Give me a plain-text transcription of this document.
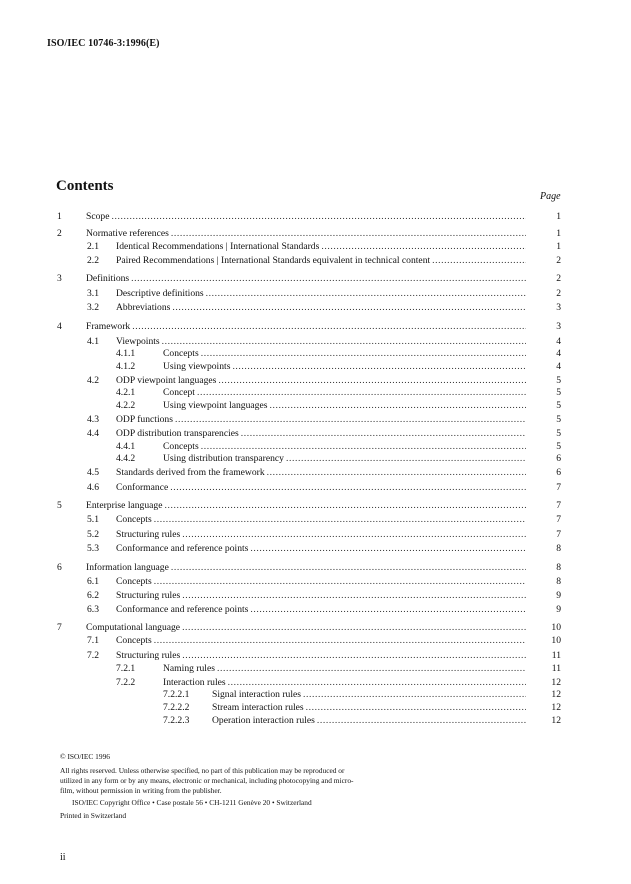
ISO/IEC 10746-3:1996(E)
Contents
Page
1	Scope .....	1
2	Normative references .....	1
2.1 Identical Recommendations | International Standards .....	1
2.2 Paired Recommendations | International Standards equivalent in technical content .....	2
3	Definitions .....	2
3.1 Descriptive definitions .....	2
3.2 Abbreviations .....	3
4	Framework .....	3
4.1 Viewpoints .....	4
4.1.1	Concepts .....	4
4.1.2	Using viewpoints .....	4
4.2 ODP viewpoint languages .....	5
4.2.1	Concept .....	5
4.2.2	Using viewpoint languages .....	5
4.3 ODP functions .....	5
4.4 ODP distribution transparencies .....	5
4.4.1	Concepts .....	5
4.4.2	Using distribution transparency .....	6
4.5 Standards derived from the framework .....	6
4.6 Conformance .....	7
5	Enterprise language .....	7
5.1 Concepts .....	7
5.2 Structuring rules .....	7
5.3 Conformance and reference points .....	8
6	Information language .....	8
6.1 Concepts .....	8
6.2 Structuring rules .....	9
6.3 Conformance and reference points .....	9
7	Computational language .....	10
7.1 Concepts .....	10
7.2 Structuring rules .....	11
7.2.1	Naming rules .....	11
7.2.2	Interaction rules .....	12
7.2.2.1 Signal interaction rules .....	12
7.2.2.2 Stream interaction rules .....	12
7.2.2.3 Operation interaction rules .....	12
© ISO/IEC 1996
All rights reserved. Unless otherwise specified, no part of this publication may be reproduced or
utilized in any form or by any means, electronic or mechanical, including photocopying and micro-
film, without permission in writing from the publisher.
ISO/IEC Copyright Office • Case postale 56 • CH-1211 Genève 20 • Switzerland
Printed in Switzerland
ii
